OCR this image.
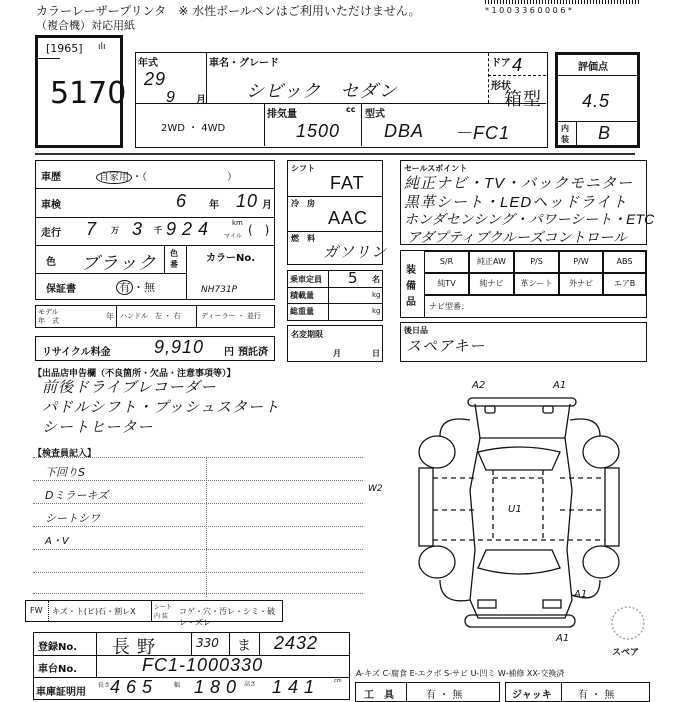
カラーレーザープリンタ　※ 水性ボールペンはご利用いただけません。
（複合機）対応用紙
* 1 0 0 3 3 6 0 0 0 6 *
[1965] ılı
5170
年式
29
9 月
車名・グレード
シビック　セダン
ドア 4
形状
箱型
2WD ・ 4WD
排気量	cc
1500
型式
DBA －FC1
評価点
4.5
内
装 B
車歴	自家用 ・（　　　　　　　　）
車検	6 年 10 月
走行 7 万 3 千 924	km
マイル (　)
色 ブラック 色
番
カラーNo.
NH731P
保証書	有 ・無
モデル
年　式	年 ハンドル　左 ・ 右	ディーラー ・ 並行
リサイクル料金 9,910 円 預託済
シフト
FAT
冷　房
AAC
燃　料
ガソリン
乗車定員 5 名
積載量	kg
総重量	kg
名変期限
月	日
セールスポイント
純正ナビ・TV・バックモニター
黒革シート・LEDヘッドライト
ホンダセンシング・パワーシート・ETC
アダプティブクルーズコントロール
装
備
品
S/R	純正AW	P/S	P/W	ABS
純TV	純ナビ	革シート	外ナビ	エアB
ナビ型番：
後日品
スペアキー
【出品店申告欄（不良箇所・欠品・注意事項等）】
前後ドライブレコーダー
パドルシフト・プッシュスタート
シートヒーター
【検査員記入】
下回りS
Dミラーキズ
シートシワ
A・V
A2	A1
W2
U1
A1
A1
スペア
FW キズ・ト(ビ)石・割レX	シート
内 装
コゲ・穴・汚レ・シミ・破レ・ズレ
登録No. 長 野	330 ま 2432
車台No.	FC1-1000330
車庫証明用
長さ 465	幅 180 高さ 141	cm
A-キズ C-腐食 E-エクボ S-サビ U-凹ミ W-補修 XX-交換済
工　具	有 ・ 無	ジャッキ	有 ・ 無
